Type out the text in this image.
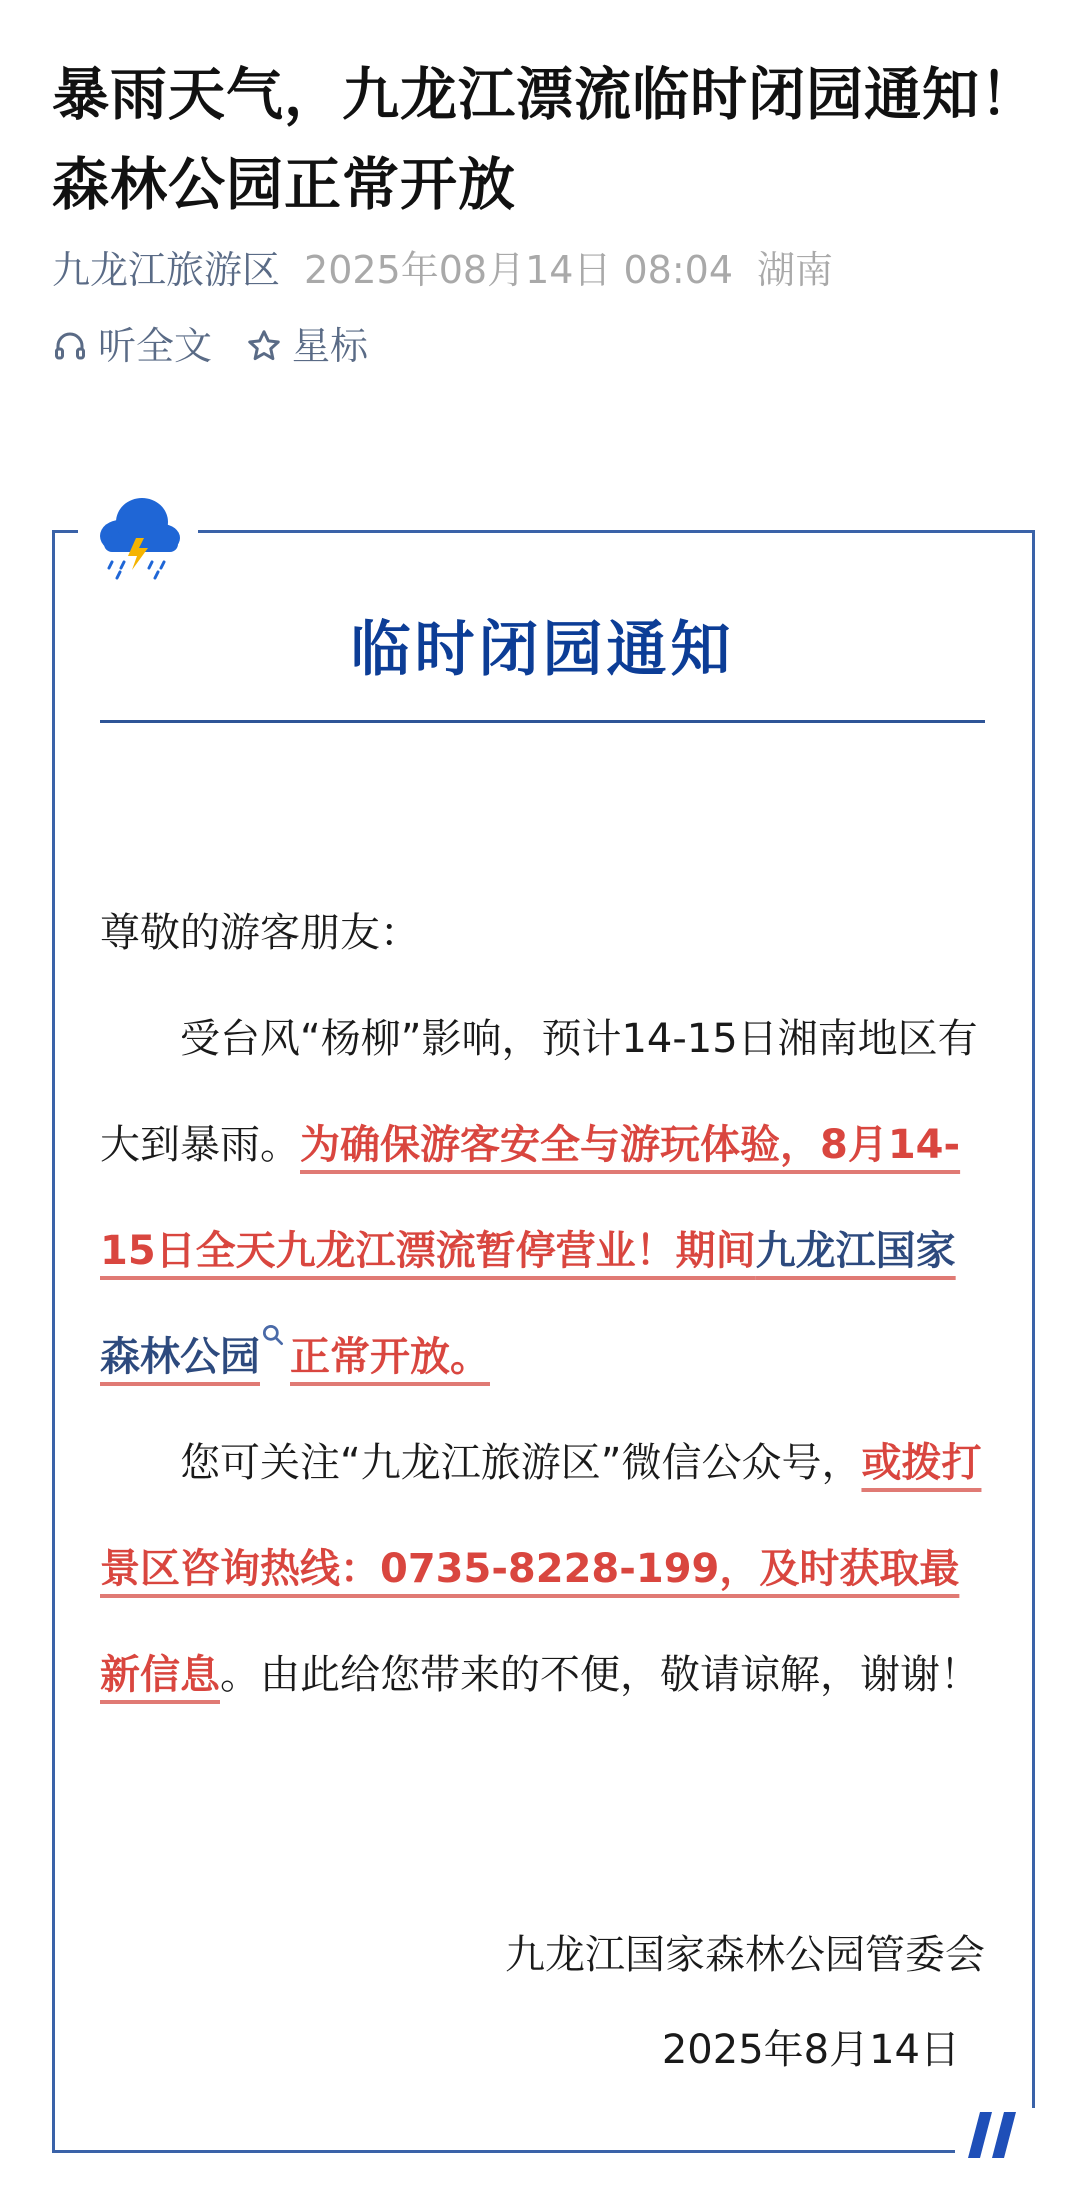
暴雨天气，九龙江漂流临时闭园通知！森林公园正常开放
九龙江旅游区 2025年08月14日 08:04 湖南
听全文 星标
临时闭园通知
尊敬的游客朋友：
受台风“杨柳”影响，预计14-15日湘南地区有大到暴雨。为确保游客安全与游玩体验，8月14-15日全天九龙江漂流暂停营业！期间九龙江国家森林公园 正常开放。
您可关注“九龙江旅游区”微信公众号，或拨打景区咨询热线：0735-8228-199，及时获取最新信息。由此给您带来的不便，敬请谅解，谢谢！
九龙江国家森林公园管委会
2025年8月14日
